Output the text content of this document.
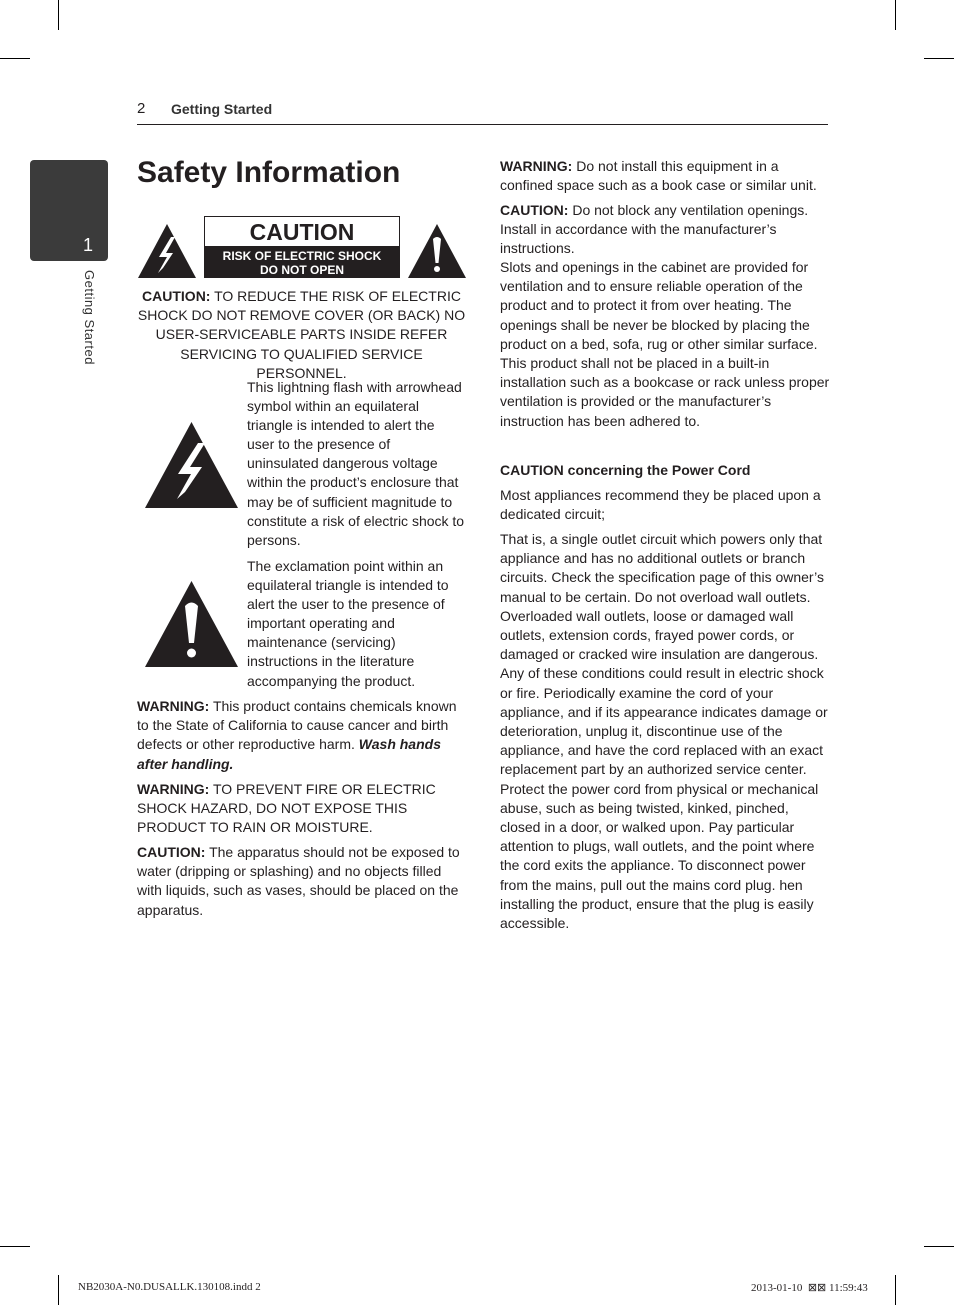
2 Getting Started
1
Getting Started
Safety Information
CAUTION
RISK OF ELECTRIC SHOCK
DO NOT OPEN
CAUTION: TO REDUCE THE RISK OF ELECTRIC SHOCK DO NOT REMOVE COVER (OR BACK) NO USER-SERVICEABLE PARTS INSIDE REFER SERVICING TO QUALIFIED SERVICE PERSONNEL.
This lightning flash with arrowhead symbol within an equilateral triangle is intended to alert the user to the presence of uninsulated dangerous voltage within the product’s enclosure that may be of sufficient magnitude to constitute a risk of electric shock to persons.
The exclamation point within an equilateral triangle is intended to alert the user to the presence of important operating and maintenance (servicing) instructions in the literature accompanying the product.
WARNING: This product contains chemicals known to the State of California to cause cancer and birth defects or other reproductive harm. Wash hands after handling.
WARNING: TO PREVENT FIRE OR ELECTRIC SHOCK HAZARD, DO NOT EXPOSE THIS PRODUCT TO RAIN OR MOISTURE.
CAUTION: The apparatus should not be exposed to water (dripping or splashing) and no objects filled with liquids, such as vases, should be placed on the apparatus.
WARNING: Do not install this equipment in a confined space such as a book case or similar unit.
CAUTION: Do not block any ventilation openings. Install in accordance with the manufacturer’s instructions.
Slots and openings in the cabinet are provided for ventilation and to ensure reliable operation of the product and to protect it from over heating. The openings shall be never be blocked by placing the product on a bed, sofa, rug or other similar surface. This product shall not be placed in a built-in installation such as a bookcase or rack unless proper ventilation is provided or the manufacturer’s instruction has been adhered to.
CAUTION concerning the Power Cord
Most appliances recommend they be placed upon a dedicated circuit;
That is, a single outlet circuit which powers only that appliance and has no additional outlets or branch circuits. Check the specification page of this owner’s manual to be certain. Do not overload wall outlets. Overloaded wall outlets, loose or damaged wall outlets, extension cords, frayed power cords, or damaged or cracked wire insulation are dangerous. Any of these conditions could result in electric shock or fire. Periodically examine the cord of your appliance, and if its appearance indicates damage or deterioration, unplug it, discontinue use of the appliance, and have the cord replaced with an exact replacement part by an authorized service center. Protect the power cord from physical or mechanical abuse, such as being twisted, kinked, pinched, closed in a door, or walked upon. Pay particular attention to plugs, wall outlets, and the point where the cord exits the appliance. To disconnect power from the mains, pull out the mains cord plug. hen installing the product, ensure that the plug is easily accessible.
NB2030A-N0.DUSALLK.130108.indd 2	2013-01-10 ⊠⊠ 11:59:43
